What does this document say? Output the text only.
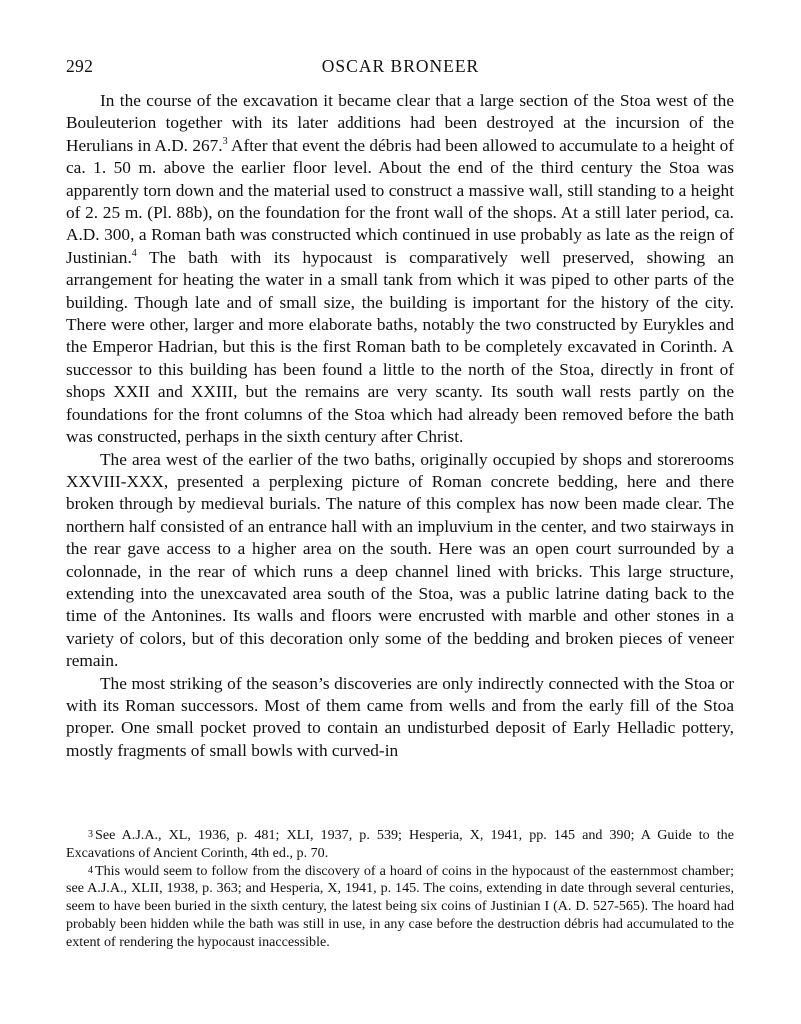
292	OSCAR BRONEER

In the course of the excavation it became clear that a large section of the Stoa west of the Bouleuterion together with its later additions had been destroyed at the incursion of the Herulians in A.D. 267.$^3$ After that event the débris had been allowed to accumulate to a height of ca. 1. 50 m. above the earlier floor level. About the end of the third century the Stoa was apparently torn down and the material used to construct a massive wall, still standing to a height of 2. 25 m. (Pl. 88b), on the foundation for the front wall of the shops. At a still later period, ca. A.D. 300, a Roman bath was constructed which continued in use probably as late as the reign of Justinian.$^4$ The bath with its hypocaust is comparatively well preserved, showing an arrangement for heating the water in a small tank from which it was piped to other parts of the building. Though late and of small size, the building is important for the history of the city. There were other, larger and more elaborate baths, notably the two constructed by Eurykles and the Emperor Hadrian, but this is the first Roman bath to be completely excavated in Corinth. A successor to this building has been found a little to the north of the Stoa, directly in front of shops XXII and XXIII, but the remains are very scanty. Its south wall rests partly on the foundations for the front columns of the Stoa which had already been removed before the bath was constructed, perhaps in the sixth century after Christ.

The area west of the earlier of the two baths, originally occupied by shops and storerooms XXVIII-XXX, presented a perplexing picture of Roman concrete bedding, here and there broken through by medieval burials. The nature of this complex has now been made clear. The northern half consisted of an entrance hall with an impluvium in the center, and two stairways in the rear gave access to a higher area on the south. Here was an open court surrounded by a colonnade, in the rear of which runs a deep channel lined with bricks. This large structure, extending into the unexcavated area south of the Stoa, was a public latrine dating back to the time of the Antonines. Its walls and floors were encrusted with marble and other stones in a variety of colors, but of this decoration only some of the bedding and broken pieces of veneer remain.

The most striking of the season’s discoveries are only indirectly connected with the Stoa or with its Roman successors. Most of them came from wells and from the early fill of the Stoa proper. One small pocket proved to contain an undisturbed deposit of Early Helladic pottery, mostly fragments of small bowls with curved-in

$^3$ See A.J.A., XL, 1936, p. 481; XLI, 1937, p. 539; Hesperia, X, 1941, pp. 145 and 390; A Guide to the Excavations of Ancient Corinth, 4th ed., p. 70.

$^4$ This would seem to follow from the discovery of a hoard of coins in the hypocaust of the easternmost chamber; see A.J.A., XLII, 1938, p. 363; and Hesperia, X, 1941, p. 145. The coins, extending in date through several centuries, seem to have been buried in the sixth century, the latest being six coins of Justinian I (A. D. 527-565). The hoard had probably been hidden while the bath was still in use, in any case before the destruction débris had accumulated to the extent of rendering the hypocaust inaccessible.
